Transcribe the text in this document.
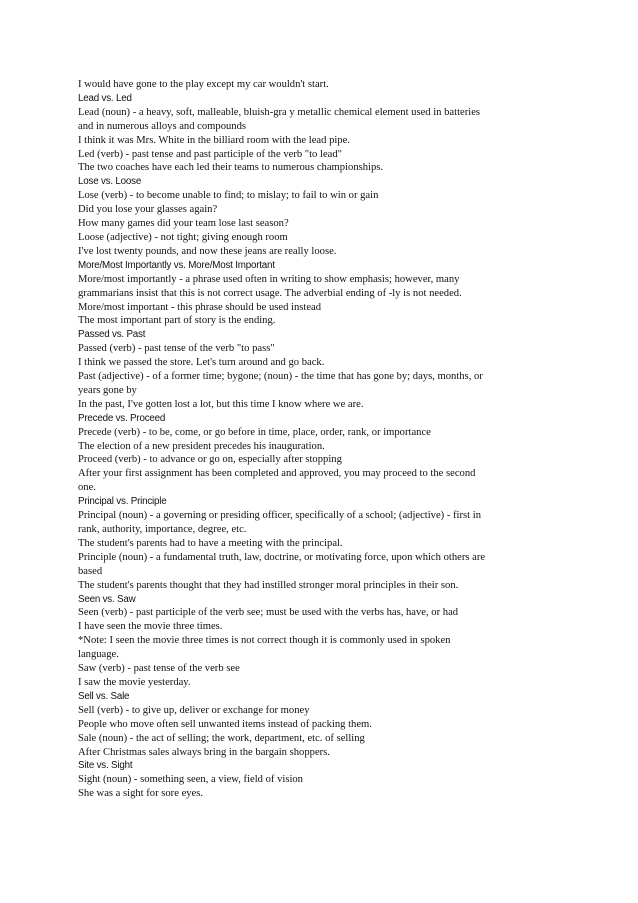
I would have gone to the play except my car wouldn't start.
Lead vs. Led
Lead (noun) - a heavy, soft, malleable, bluish-gra y metallic chemical element used in batteries
and in numerous alloys and compounds
I think it was Mrs. White in the billiard room with the lead pipe.
Led (verb) - past tense and past participle of the verb "to lead"
The two coaches have each led their teams to numerous championships.
Lose vs. Loose
Lose (verb) - to become unable to find; to mislay; to fail to win or gain
Did you lose your glasses again?
How many games did your team lose last season?
Loose (adjective) - not tight; giving enough room
I've lost twenty pounds, and now these jeans are really loose.
More/Most Importantly vs. More/Most Important
More/most importantly - a phrase used often in writing to show emphasis; however, many
grammarians insist that this is not correct usage. The adverbial ending of -ly is not needed.
More/most important - this phrase should be used instead
The most important part of story is the ending.
Passed vs. Past
Passed (verb) - past tense of the verb "to pass"
I think we passed the store. Let's turn around and go back.
Past (adjective) - of a former time; bygone; (noun) - the time that has gone by; days, months, or
years gone by
In the past, I've gotten lost a lot, but this time I know where we are.
Precede vs. Proceed
Precede (verb) - to be, come, or go before in time, place, order, rank, or importance
The election of a new president precedes his inauguration.
Proceed (verb) - to advance or go on, especially after stopping
After your first assignment has been completed and approved, you may proceed to the second
one.
Principal vs. Principle
Principal (noun) - a governing or presiding officer, specifically of a school; (adjective) - first in
rank, authority, importance, degree, etc.
The student's parents had to have a meeting with the principal.
Principle (noun) - a fundamental truth, law, doctrine, or motivating force, upon which others are
based
The student's parents thought that they had instilled stronger moral principles in their son.
Seen vs. Saw
Seen (verb) - past participle of the verb see; must be used with the verbs has, have, or had
I have seen the movie three times.
*Note: I seen the movie three times is not correct though it is commonly used in spoken
language.
Saw (verb) - past tense of the verb see
I saw the movie yesterday.
Sell vs. Sale
Sell (verb) - to give up, deliver or exchange for money
People who move often sell unwanted items instead of packing them.
Sale (noun) - the act of selling; the work, department, etc. of selling
After Christmas sales always bring in the bargain shoppers.
Site vs. Sight
Sight (noun) - something seen, a view, field of vision
She was a sight for sore eyes.
